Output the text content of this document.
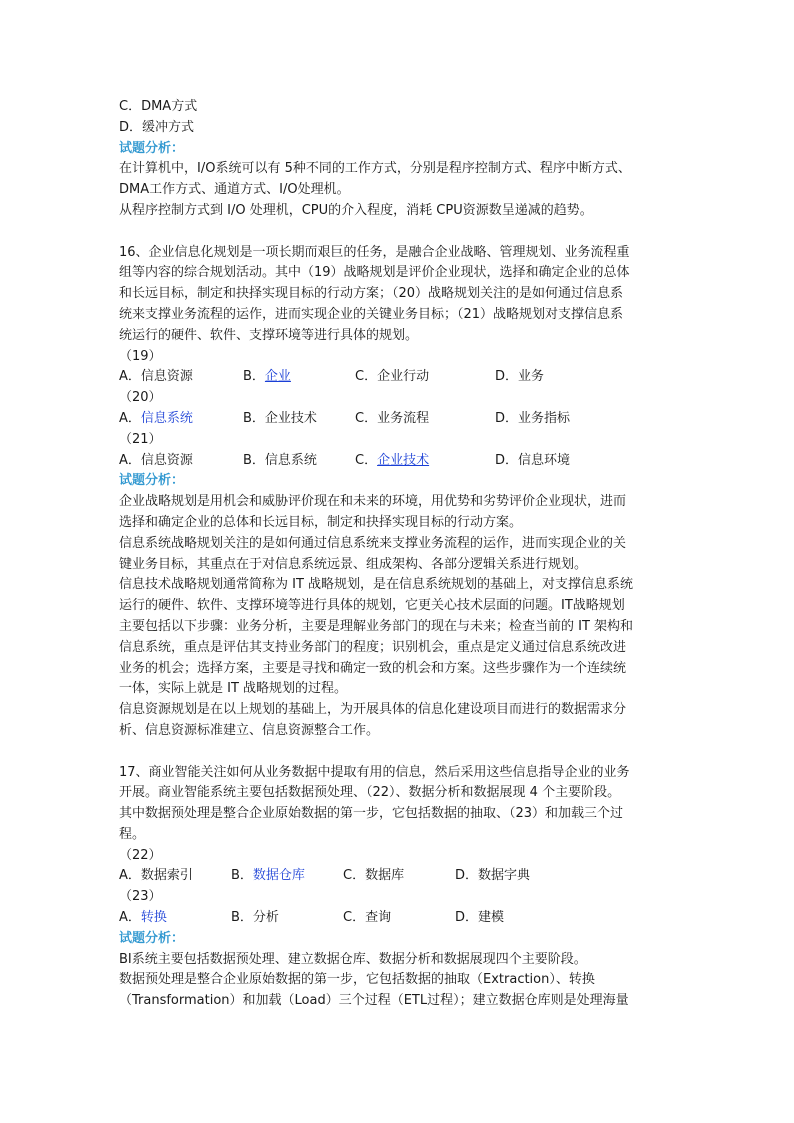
C．DMA方式
D．缓冲方式
试题分析：
在计算机中，I/O系统可以有 5种不同的工作方式，分别是程序控制方式、程序中断方式、
DMA工作方式、通道方式、I/O处理机。
从程序控制方式到 I/O 处理机，CPU的介入程度，消耗 CPU资源数呈递减的趋势。
16、企业信息化规划是一项长期而艰巨的任务，是融合企业战略、管理规划、业务流程重
组等内容的综合规划活动。其中（19）战略规划是评价企业现状，选择和确定企业的总体
和长远目标，制定和抉择实现目标的行动方案；（20）战略规划关注的是如何通过信息系
统来支撑业务流程的运作，进而实现企业的关键业务目标；（21）战略规划对支撑信息系
统运行的硬件、软件、支撑环境等进行具体的规划。
（19）
A．信息资源	B．企业	C．企业行动	D．业务
（20）
A．信息系统	B．企业技术	C．业务流程	D．业务指标
（21）
A．信息资源	B．信息系统	C．企业技术	D．信息环境
试题分析：
企业战略规划是用机会和威胁评价现在和未来的环境，用优势和劣势评价企业现状，进而
选择和确定企业的总体和长远目标，制定和抉择实现目标的行动方案。
信息系统战略规划关注的是如何通过信息系统来支撑业务流程的运作，进而实现企业的关
键业务目标，其重点在于对信息系统远景、组成架构、各部分逻辑关系进行规划。
信息技术战略规划通常简称为 IT 战略规划，是在信息系统规划的基础上，对支撑信息系统
运行的硬件、软件、支撑环境等进行具体的规划，它更关心技术层面的问题。IT战略规划
主要包括以下步骤：业务分析，主要是理解业务部门的现在与未来；检查当前的 IT 架构和
信息系统，重点是评估其支持业务部门的程度；识别机会，重点是定义通过信息系统改进
业务的机会；选择方案，主要是寻找和确定一致的机会和方案。这些步骤作为一个连续统
一体，实际上就是 IT 战略规划的过程。
信息资源规划是在以上规划的基础上，为开展具体的信息化建设项目而进行的数据需求分
析、信息资源标准建立、信息资源整合工作。
17、商业智能关注如何从业务数据中提取有用的信息，然后采用这些信息指导企业的业务
开展。商业智能系统主要包括数据预处理、（22）、数据分析和数据展现 4 个主要阶段。
其中数据预处理是整合企业原始数据的第一步，它包括数据的抽取、（23）和加载三个过
程。
（22）
A．数据索引	B．数据仓库	C．数据库	D．数据字典
（23）
A．转换	B．分析	C．查询	D．建模
试题分析：
BI系统主要包括数据预处理、建立数据仓库、数据分析和数据展现四个主要阶段。
数据预处理是整合企业原始数据的第一步，它包括数据的抽取（Extraction）、转换
（Transformation）和加载（Load）三个过程（ETL过程）；建立数据仓库则是处理海量
